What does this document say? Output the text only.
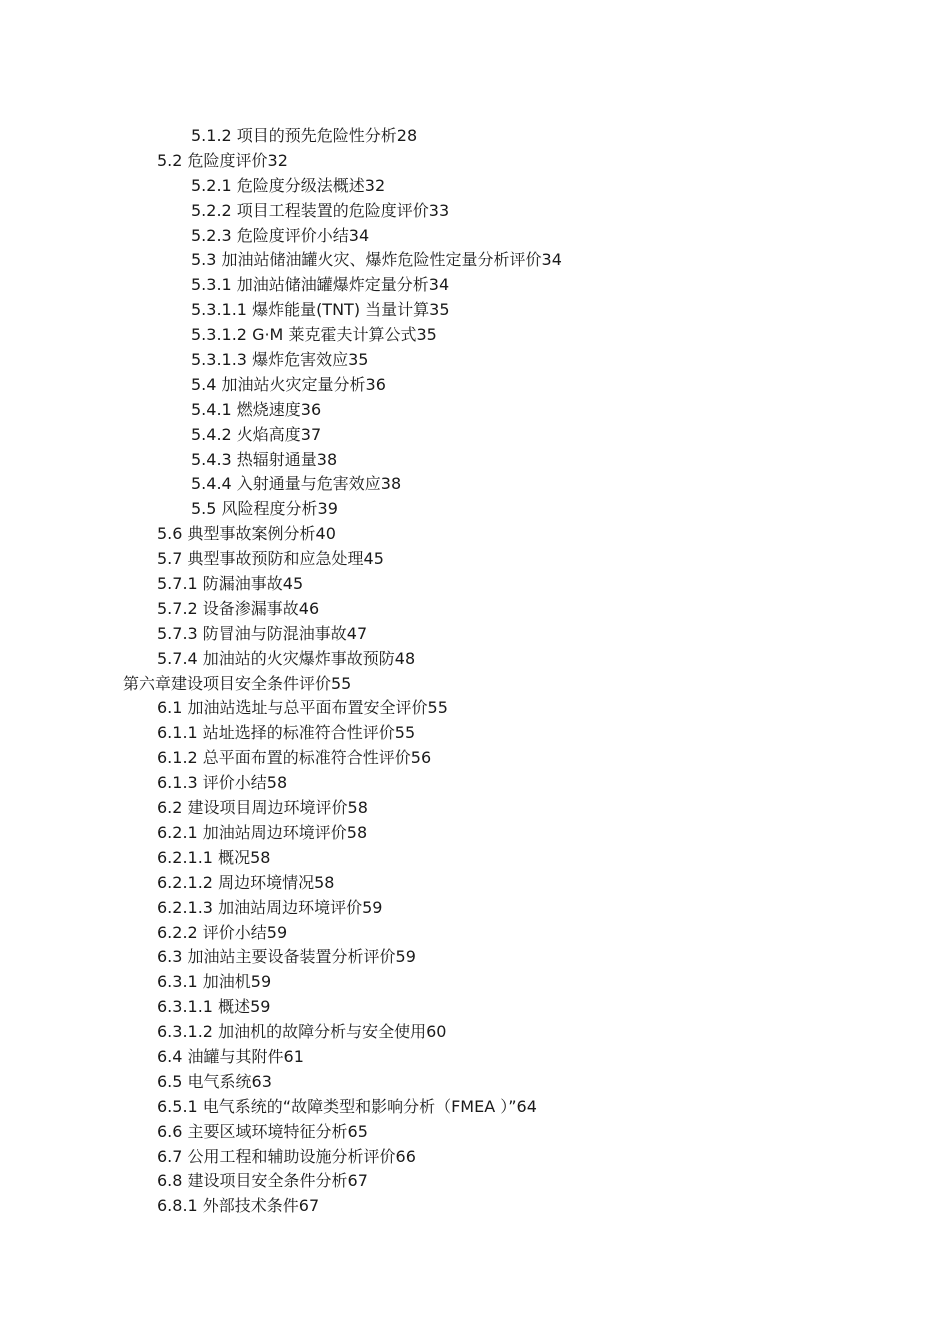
5.1.2 项目的预先危险性分析28
5.2 危险度评价32
5.2.1 危险度分级法概述32
5.2.2 项目工程装置的危险度评价33
5.2.3 危险度评价小结34
5.3 加油站储油罐火灾、爆炸危险性定量分析评价34
5.3.1 加油站储油罐爆炸定量分析34
5.3.1.1 爆炸能量(TNT) 当量计算35
5.3.1.2 G·M 莱克霍夫计算公式35
5.3.1.3 爆炸危害效应35
5.4 加油站火灾定量分析36
5.4.1 燃烧速度36
5.4.2 火焰高度37
5.4.3 热辐射通量38
5.4.4 入射通量与危害效应38
5.5 风险程度分析39
5.6 典型事故案例分析40
5.7 典型事故预防和应急处理45
5.7.1 防漏油事故45
5.7.2 设备渗漏事故46
5.7.3 防冒油与防混油事故47
5.7.4 加油站的火灾爆炸事故预防48
第六章建设项目安全条件评价55
6.1 加油站选址与总平面布置安全评价55
6.1.1 站址选择的标准符合性评价55
6.1.2 总平面布置的标准符合性评价56
6.1.3 评价小结58
6.2 建设项目周边环境评价58
6.2.1 加油站周边环境评价58
6.2.1.1 概况58
6.2.1.2 周边环境情况58
6.2.1.3 加油站周边环境评价59
6.2.2 评价小结59
6.3 加油站主要设备装置分析评价59
6.3.1 加油机59
6.3.1.1 概述59
6.3.1.2 加油机的故障分析与安全使用60
6.4 油罐与其附件61
6.5 电气系统63
6.5.1 电气系统的“故障类型和影响分析（FMEA ）”64
6.6 主要区域环境特征分析65
6.7 公用工程和辅助设施分析评价66
6.8 建设项目安全条件分析67
6.8.1 外部技术条件67
